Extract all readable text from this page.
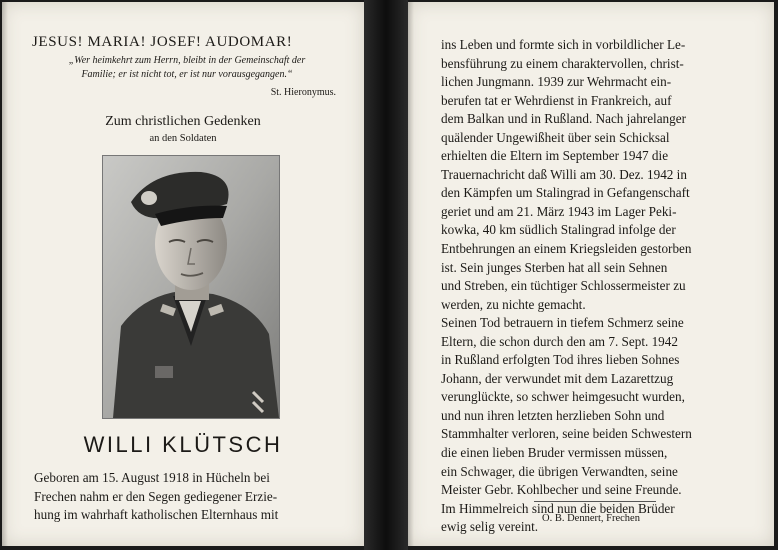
JESUS! MARIA! JOSEF! AUDOMAR!
„Wer heimkehrt zum Herrn, bleibt in der Gemeinschaft der
Familie; er ist nicht tot, er ist nur vorausgegangen.“
St. Hieronymus.
Zum christlichen Gedenken
an den Soldaten
WILLI KLÜTSCH
Geboren am 15. August 1918 in Hücheln bei
Frechen nahm er den Segen gediegener Erzie-
hung im wahrhaft katholischen Elternhaus mit
ins Leben und formte sich in vorbildlicher Le-
bensführung zu einem charaktervollen, christ-
lichen Jungmann. 1939 zur Wehrmacht ein-
berufen tat er Wehrdienst in Frankreich, auf
dem Balkan und in Rußland. Nach jahrelanger
quälender Ungewißheit über sein Schicksal
erhielten die Eltern im September 1947 die
Trauernachricht daß Willi am 30. Dez. 1942 in
den Kämpfen um Stalingrad in Gefangenschaft
geriet und am 21. März 1943 im Lager Peki-
kowka, 40 km südlich Stalingrad infolge der
Entbehrungen an einem Kriegsleiden gestorben
ist. Sein junges Sterben hat all sein Sehnen
und Streben, ein tüchtiger Schlossermeister zu
werden, zu nichte gemacht.
Seinen Tod betrauern in tiefem Schmerz seine
Eltern, die schon durch den am 7. Sept. 1942
in Rußland erfolgten Tod ihres lieben Sohnes
Johann, der verwundet mit dem Lazarettzug
verunglückte, so schwer heimgesucht wurden,
und nun ihren letzten herzlieben Sohn und
Stammhalter verloren, seine beiden Schwestern
die einen lieben Bruder vermissen müssen,
ein Schwager, die übrigen Verwandten, seine
Meister Gebr. Kohlbecher und seine Freunde.
Im Himmelreich sind nun die beiden Brüder
ewig selig vereint.
O. B. Dennert, Frechen
